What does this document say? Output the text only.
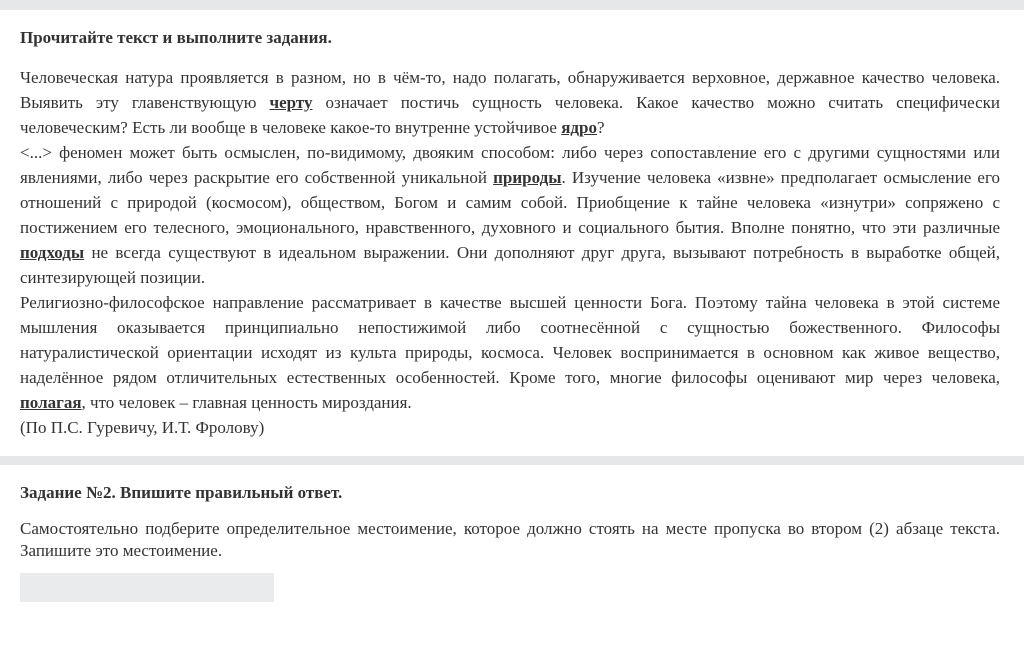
Прочитайте текст и выполните задания.

Человеческая натура проявляется в разном, но в чём-то, надо полагать, обнаруживается верховное, державное качество человека. Выявить эту главенствующую черту означает постичь сущность человека. Какое качество можно считать специфически человеческим? Есть ли вообще в человеке какое-то внутренне устойчивое ядро?

<...> феномен может быть осмыслен, по-видимому, двояким способом: либо через сопоставление его с другими сущностями или явлениями, либо через раскрытие его собственной уникальной природы. Изучение человека «извне» предполагает осмысление его отношений с природой (космосом), обществом, Богом и самим собой. Приобщение к тайне человека «изнутри» сопряжено с постижением его телесного, эмоционального, нравственного, духовного и социального бытия. Вполне понятно, что эти различные подходы не всегда существуют в идеальном выражении. Они дополняют друг друга, вызывают потребность в выработке общей, синтезирующей позиции.

Религиозно-философское направление рассматривает в качестве высшей ценности Бога. Поэтому тайна человека в этой системе мышления оказывается принципиально непостижимой либо соотнесённой с сущностью божественного. Философы натуралистической ориентации исходят из культа природы, космоса. Человек воспринимается в основном как живое вещество, наделённое рядом отличительных естественных особенностей. Кроме того, многие философы оценивают мир через человека, полагая, что человек – главная ценность мироздания.

(По П.С. Гуревичу, И.Т. Фролову)

Задание №2. Впишите правильный ответ.

Самостоятельно подберите определительное местоимение, которое должно стоять на месте пропуска во втором (2) абзаце текста. Запишите это местоимение.
